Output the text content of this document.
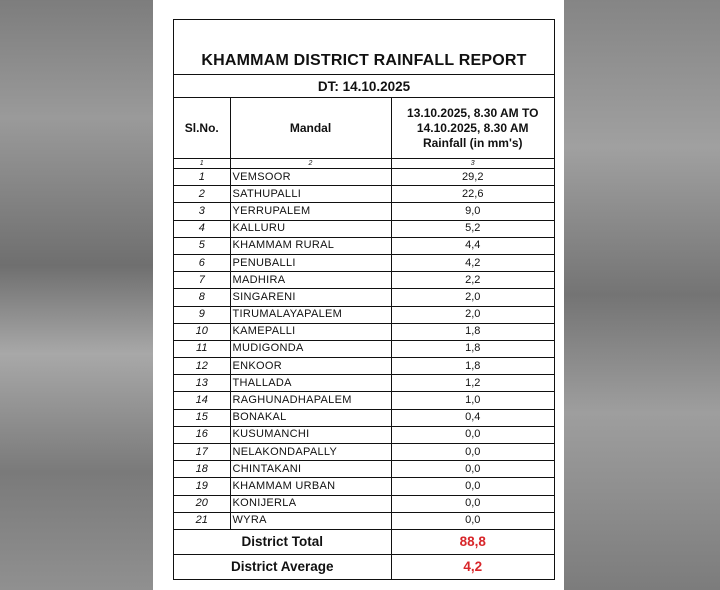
KHAMMAM DISTRICT RAINFALL REPORT
DT: 14.10.2025
Sl.No.	Mandal	13.10.2025, 8.30 AM TO
14.10.2025, 8.30 AM
Rainfall (in mm's)

1	2	3
1	VEMSOOR	29,2
2	SATHUPALLI	22,6
3	YERRUPALEM	9,0
4	KALLURU	5,2
5	KHAMMAM RURAL	4,4
6	PENUBALLI	4,2
7	MADHIRA	2,2
8	SINGARENI	2,0
9	TIRUMALAYAPALEM	2,0
10	KAMEPALLI	1,8
11	MUDIGONDA	1,8
12	ENKOOR	1,8
13	THALLADA	1,2
14	RAGHUNADHAPALEM	1,0
15	BONAKAL	0,4
16	KUSUMANCHI	0,0
17	NELAKONDAPALLY	0,0
18	CHINTAKANI	0,0
19	KHAMMAM URBAN	0,0
20	KONIJERLA	0,0
21	WYRA	0,0
District Total		88,8
District Average		4,2
